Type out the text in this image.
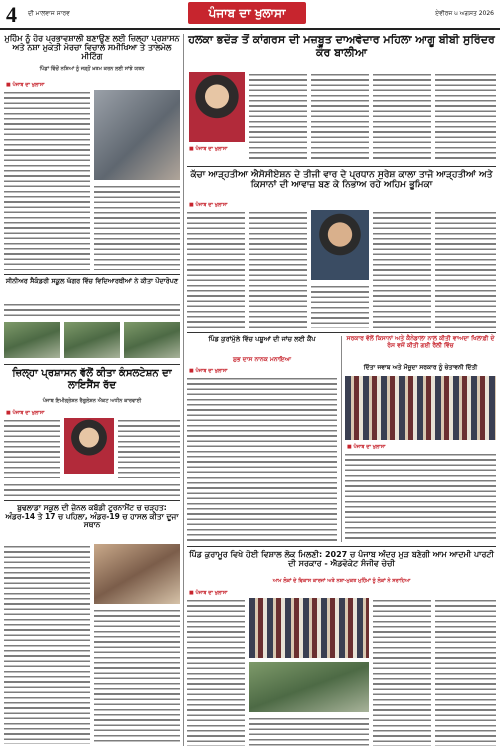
4 ਦੀ ਮਾਲਵਾਜ ਸਾਰਵ	ਪੰਜਾਬ ਦਾ ਖੁਲਾਸਾ	ਏਵੀਰਜ ੫ ਅਗਸਤ 2026
ਮੁਹਿੰਮ ਨੂੰ ਹੋਰ ਪ੍ਰਭਾਵਸ਼ਾਲੀ ਬਣਾਉਣ ਲਈ ਜ਼ਿਲ੍ਹਾ ਪ੍ਰਸ਼ਾਸਨ ਅਤੇ ਨਸ਼ਾ ਮੁਕਤੀ ਮੋਰਚਾ ਵਿਚਾਲੇ ਸਮੀਖਿਆ ਤੇ ਤਾਲਮੇਲ ਮੀਟਿੰਗ
ਪਿੰਡਾਂ ਵਿੱਚੋਂ ਨਸ਼ਿਆਂ ਨੂੰ ਜੜ੍ਹੋਂ ਖ਼ਤਮ ਕਰਨ ਲਈ ਸਾਂਝੇ ਯਤਨ
■ ਪੰਜਾਬ ਦਾ ਖੁਲਾਸਾ
ਸੀਨੀਅਰ ਸੈਕੰਡਰੀ ਸਕੂਲ ਘੱਗਰ ਵਿੱਚ ਵਿਦਿਆਰਥੀਆਂ ਨੇ ਕੀਤਾ ਪੌਦਾਰੋਪਣ
ਜ਼ਿਲ੍ਹਾ ਪ੍ਰਸ਼ਾਸਨ ਵੱਲੋਂ ਕੀਤਾ ਕੰਸਲਟੇਸ਼ਨ ਦਾ ਲਾਇਸੈਂਸ ਰੱਦ
ਪੰਜਾਬ ਇਮੀਗ੍ਰੇਸ਼ਨ ਰੈਗੂਲੇਸ਼ਨ ਐਕਟ ਅਧੀਨ ਕਾਰਵਾਈ
■ ਪੰਜਾਬ ਦਾ ਖੁਲਾਸਾ
ਬੁਢਲਾਡਾ ਸਕੂਲ ਦੀ ਜ਼ੋਨਲ ਕਬੱਡੀ ਟੂਰਨਾਮੈਂਟ ਚ ਚੜ੍ਹਤ: ਅੰਡਰ-14 ਤੇ 17 ਚ ਪਹਿਲਾ, ਅੰਡਰ-19 ਚ ਹਾਸਲ ਕੀਤਾ ਦੂਜਾ ਸਥਾਨ
ਹਲਕਾ ਭਦੌੜ ਤੋਂ ਕਾਂਗਰਸ ਦੀ ਮਜ਼ਬੂਤ ਦਾਅਵੇਦਾਰ ਮਹਿਲਾ ਆਗੂ ਬੀਬੀ ਸੁਰਿੰਦਰ ਕੌਰ ਬਾਲੀਆ
■ ਪੰਜਾਬ ਦਾ ਖੁਲਾਸਾ
ਕੱਚਾ ਆੜ੍ਹਤੀਆ ਐਸੋਸੀਏਸ਼ਨ ਦੇ ਤੀਜੀ ਵਾਰ ਦੇ ਪ੍ਰਧਾਨ ਸੁਰੇਸ਼ ਕਾਲਾ ਤਾਜੋ ਆੜ੍ਹਤੀਆਂ ਅਤੇ ਕਿਸਾਨਾਂ ਦੀ ਆਵਾਜ਼ ਬਣ ਕੇ ਨਿਭਾਅ ਰਹੇ ਅਹਿਮ ਭੂਮਿਕਾ
■ ਪੰਜਾਬ ਦਾ ਖੁਲਾਸਾ
ਪਿੰਡ ਕੁਰਾਂਮੁੱਲੇ ਵਿੱਚ ਪਸ਼ੂਆਂ ਦੀ ਜਾਂਚ ਲਈ ਕੈਂਪ
ਸ਼ੁਭ ਦਾਸ ਨਾਨਕ ਮਨਾਇਆ
■ ਪੰਜਾਬ ਦਾ ਖੁਲਾਸਾ
ਸਰਕਾਰ ਵੱਲੋਂ ਕਿਸਾਨਾਂ ਅਤੇ ਕੈਨੇਡਾਲਾ ਨਾਲ ਕੀਤੀ ਵਾਅਦਾ ਖਿਲਾਫ਼ੀ ਦੇ ਰੋਸ ਵਜੋਂ ਕੀਤੀ ਗਈ ਰੈਲੀ ਵਿੱਚ
ਦਿੱਤਾ ਜਵਾਬ ਅਤੇ ਮੌਜੂਦਾ ਸਰਕਾਰ ਨੂੰ ਚੇਤਾਵਨੀ ਦਿੱਤੀ
■ ਪੰਜਾਬ ਦਾ ਖੁਲਾਸਾ
ਪਿੰਡ ਕੁਰਾਮੂਰ ਵਿਖੇ ਹੋਈ ਵਿਸ਼ਾਲ ਲੋਕ ਮਿਲਣੀ: 2027 ਚ ਪੰਜਾਬ ਅੰਦਰ ਮੁੜ ਬਣੇਗੀ ਆਮ ਆਦਮੀ ਪਾਰਟੀ ਦੀ ਸਰਕਾਰ - ਐਡਵੋਕੇਟ ਸੰਜੀਵ ਚੇਚੀ
ਆਮ ਲੋਕਾਂ ਦੇ ਵਿਕਾਸ ਕਾਰਜਾਂ ਅਤੇ ਨਸ਼ਾ-ਮੁਕਤ ਮੁਹਿੰਮਾਂ ਨੂੰ ਲੋਕਾਂ ਨੇ ਸਰਾਹਿਆ
■ ਪੰਜਾਬ ਦਾ ਖੁਲਾਸਾ
